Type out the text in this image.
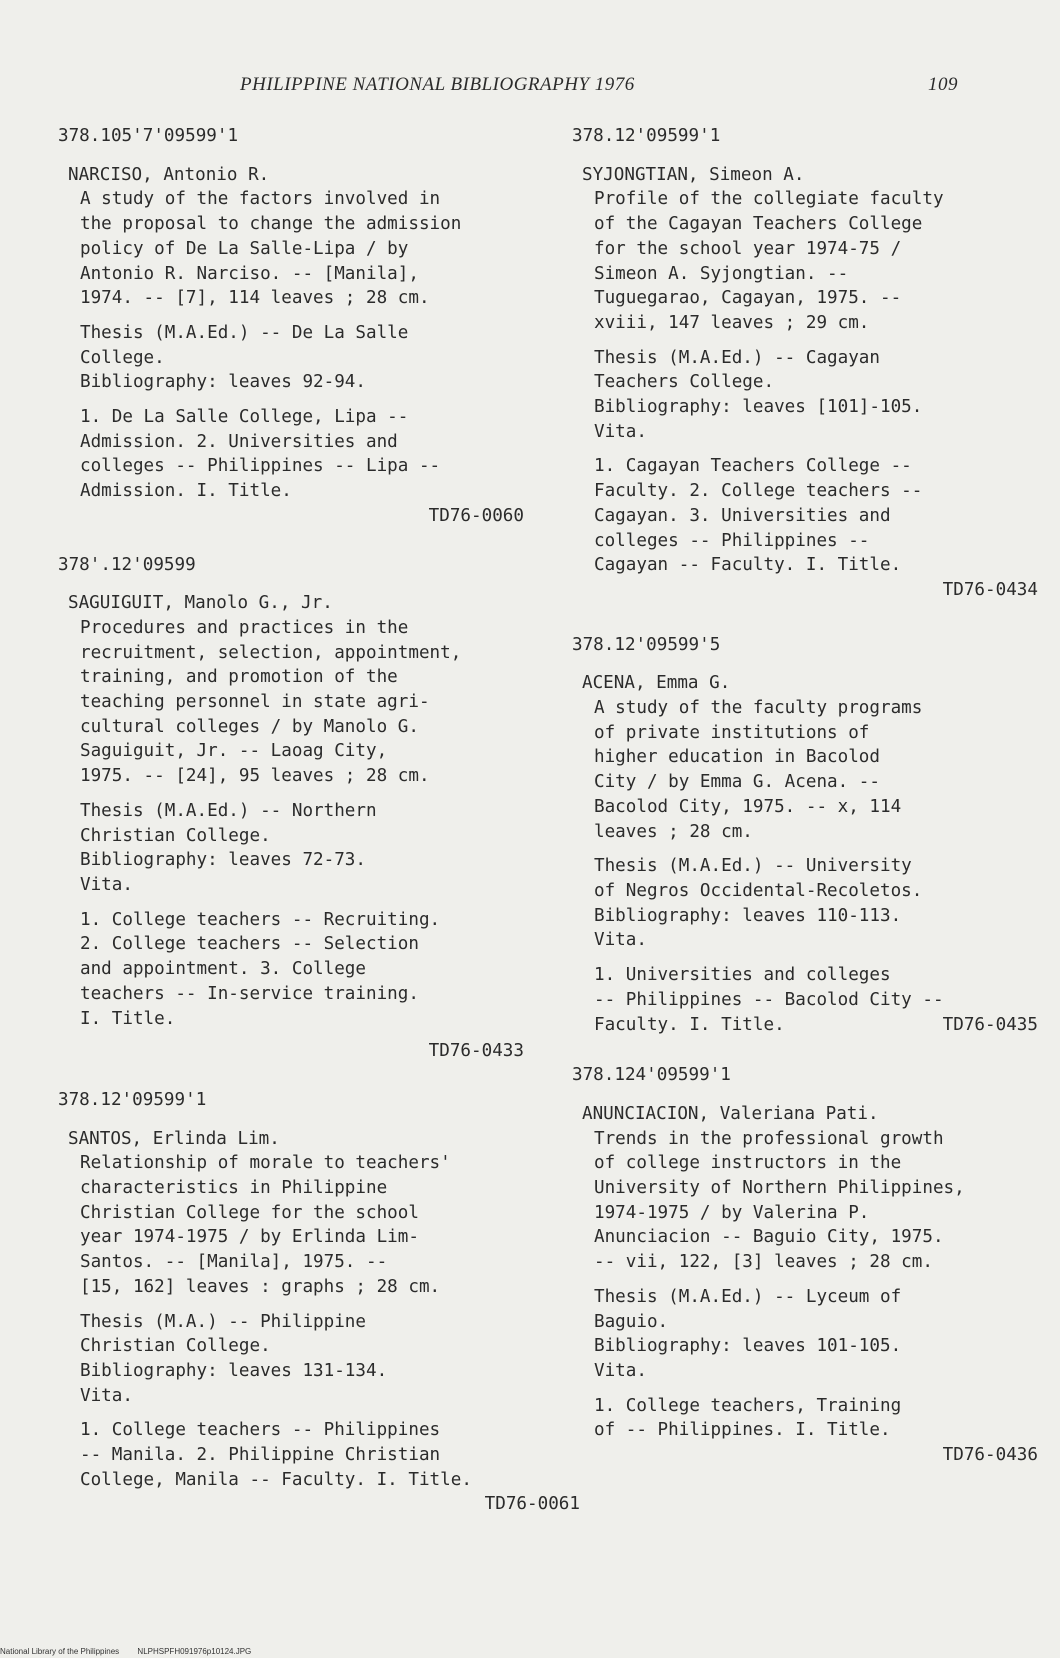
PHILIPPINE NATIONAL BIBLIOGRAPHY 1976	109
378.105'7'09599'1
NARCISO, Antonio R.
A study of the factors involved in
the proposal to change the admission
policy of De La Salle-Lipa / by
Antonio R. Narciso. -- [Manila],
1974. -- [7], 114 leaves ; 28 cm.
Thesis (M.A.Ed.) -- De La Salle
College.
Bibliography: leaves 92-94.
1. De La Salle College, Lipa --
Admission. 2. Universities and
colleges -- Philippines -- Lipa --
Admission. I. Title.
TD76-0060
378'.12'09599
SAGUIGUIT, Manolo G., Jr.
Procedures and practices in the
recruitment, selection, appointment,
training, and promotion of the
teaching personnel in state agri-
cultural colleges / by Manolo G.
Saguiguit, Jr. -- Laoag City,
1975. -- [24], 95 leaves ; 28 cm.
Thesis (M.A.Ed.) -- Northern
Christian College.
Bibliography: leaves 72-73.
Vita.
1. College teachers -- Recruiting.
2. College teachers -- Selection
and appointment. 3. College
teachers -- In-service training.
I. Title.
TD76-0433
378.12'09599'1
SANTOS, Erlinda Lim.
Relationship of morale to teachers'
characteristics in Philippine
Christian College for the school
year 1974-1975 / by Erlinda Lim-
Santos. -- [Manila], 1975. --
[15, 162] leaves : graphs ; 28 cm.
Thesis (M.A.) -- Philippine
Christian College.
Bibliography: leaves 131-134.
Vita.
1. College teachers -- Philippines
-- Manila. 2. Philippine Christian
College, Manila -- Faculty. I. Title.
TD76-0061
378.12'09599'1
SYJONGTIAN, Simeon A.
Profile of the collegiate faculty
of the Cagayan Teachers College
for the school year 1974-75 /
Simeon A. Syjongtian. --
Tuguegarao, Cagayan, 1975. --
xviii, 147 leaves ; 29 cm.
Thesis (M.A.Ed.) -- Cagayan
Teachers College.
Bibliography: leaves [101]-105.
Vita.
1. Cagayan Teachers College --
Faculty. 2. College teachers --
Cagayan. 3. Universities and
colleges -- Philippines --
Cagayan -- Faculty. I. Title.
TD76-0434
378.12'09599'5
ACENA, Emma G.
A study of the faculty programs
of private institutions of
higher education in Bacolod
City / by Emma G. Acena. --
Bacolod City, 1975. -- x, 114
leaves ; 28 cm.
Thesis (M.A.Ed.) -- University
of Negros Occidental-Recoletos.
Bibliography: leaves 110-113.
Vita.
1. Universities and colleges
-- Philippines -- Bacolod City --
Faculty. I. Title.	TD76-0435
378.124'09599'1
ANUNCIACION, Valeriana Pati.
Trends in the professional growth
of college instructors in the
University of Northern Philippines,
1974-1975 / by Valerina P.
Anunciacion -- Baguio City, 1975.
-- vii, 122, [3] leaves ; 28 cm.
Thesis (M.A.Ed.) -- Lyceum of
Baguio.
Bibliography: leaves 101-105.
Vita.
1. College teachers, Training
of -- Philippines. I. Title.
TD76-0436
National Library of the Philippines NLPHSPFH091976p10124.JPG
